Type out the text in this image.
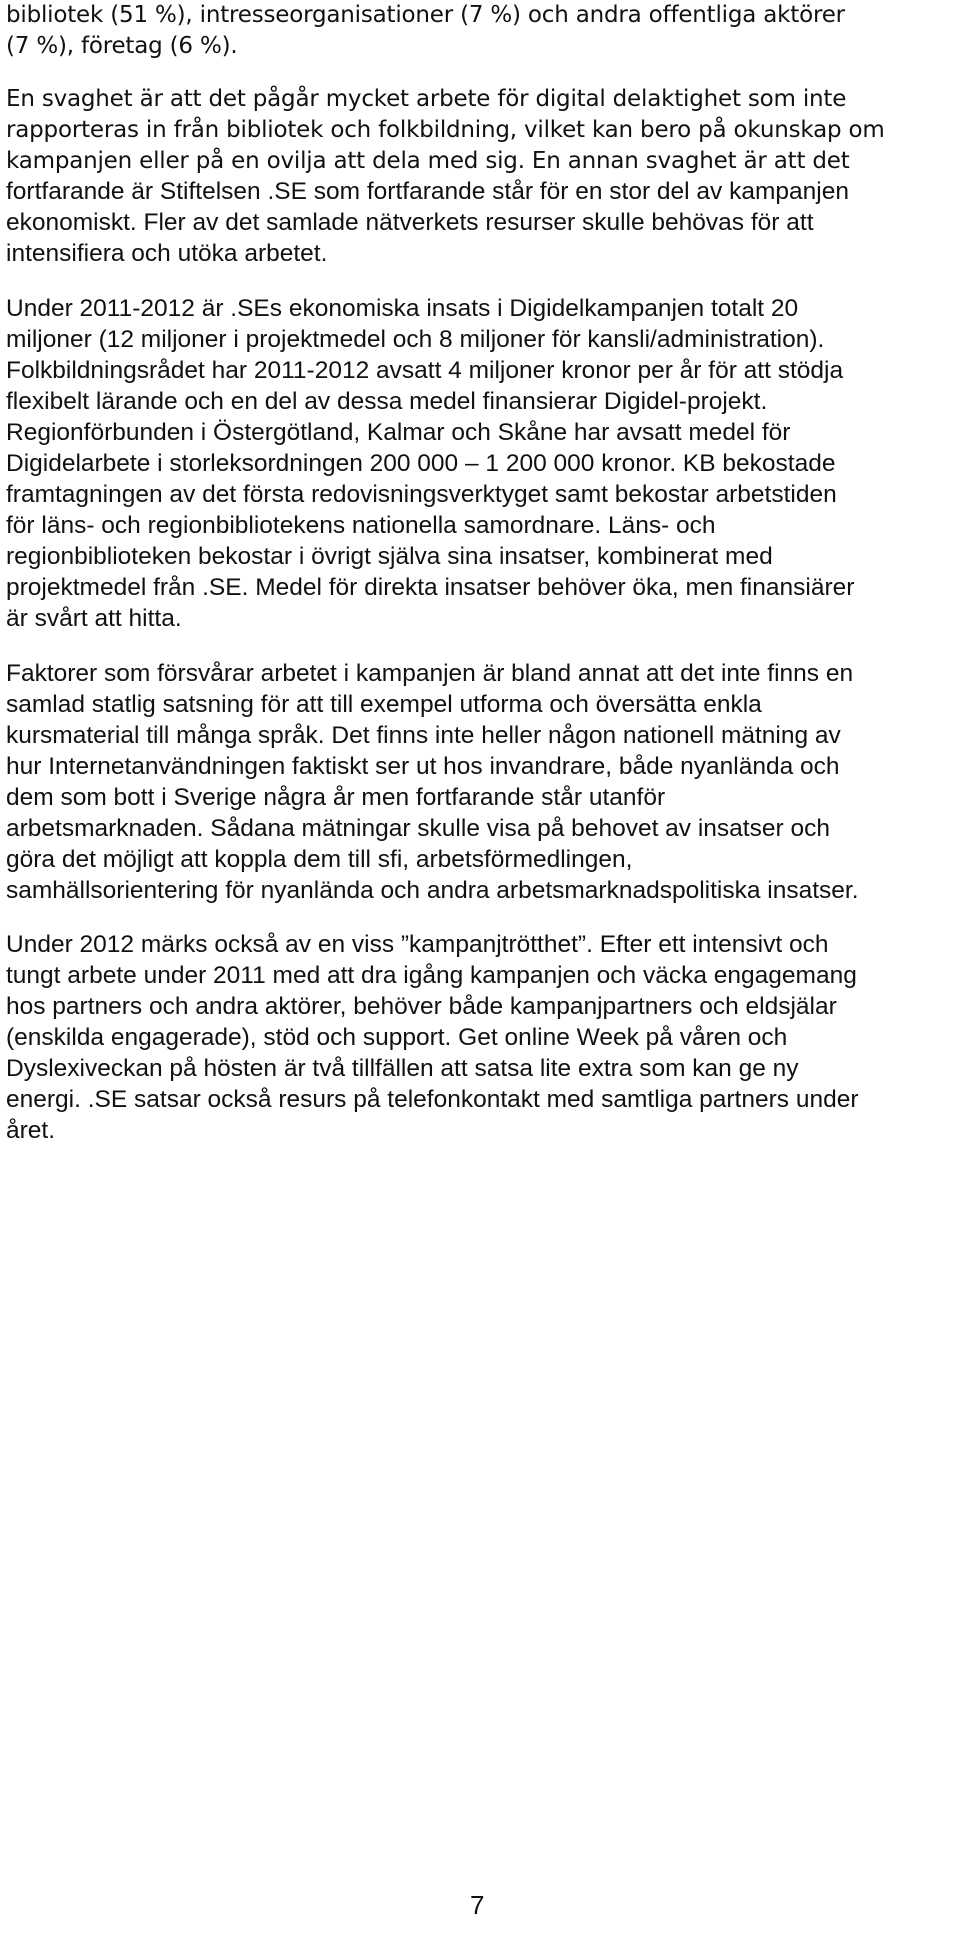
bibliotek (51 %), intresseorganisationer (7 %) och andra offentliga aktörer
(7 %), företag (6 %).
En svaghet är att det pågår mycket arbete för digital delaktighet som inte
rapporteras in från bibliotek och folkbildning, vilket kan bero på okunskap om
kampanjen eller på en ovilja att dela med sig. En annan svaghet är att det
fortfarande är Stiftelsen .SE som fortfarande står för en stor del av kampanjen
ekonomiskt. Fler av det samlade nätverkets resurser skulle behövas för att
intensifiera och utöka arbetet.
Under 2011-2012 är .SEs ekonomiska insats i Digidelkampanjen totalt 20
miljoner (12 miljoner i projektmedel och 8 miljoner för kansli/administration).
Folkbildningsrådet har 2011-2012 avsatt 4 miljoner kronor per år för att stödja
flexibelt lärande och en del av dessa medel finansierar Digidel-projekt.
Regionförbunden i Östergötland, Kalmar och Skåne har avsatt medel för
Digidelarbete i storleksordningen 200 000 – 1 200 000 kronor. KB bekostade
framtagningen av det första redovisningsverktyget samt bekostar arbetstiden
för läns- och regionbibliotekens nationella samordnare. Läns- och
regionbiblioteken bekostar i övrigt själva sina insatser, kombinerat med
projektmedel från .SE. Medel för direkta insatser behöver öka, men finansiärer
är svårt att hitta.
Faktorer som försvårar arbetet i kampanjen är bland annat att det inte finns en
samlad statlig satsning för att till exempel utforma och översätta enkla
kursmaterial till många språk. Det finns inte heller någon nationell mätning av
hur Internetanvändningen faktiskt ser ut hos invandrare, både nyanlända och
dem som bott i Sverige några år men fortfarande står utanför
arbetsmarknaden. Sådana mätningar skulle visa på behovet av insatser och
göra det möjligt att koppla dem till sfi, arbetsförmedlingen,
samhällsorientering för nyanlända och andra arbetsmarknadspolitiska insatser.
Under 2012 märks också av en viss ”kampanjtrötthet”. Efter ett intensivt och
tungt arbete under 2011 med att dra igång kampanjen och väcka engagemang
hos partners och andra aktörer, behöver både kampanjpartners och eldsjälar
(enskilda engagerade), stöd och support. Get online Week på våren och
Dyslexiveckan på hösten är två tillfällen att satsa lite extra som kan ge ny
energi. .SE satsar också resurs på telefonkontakt med samtliga partners under
året.
7
